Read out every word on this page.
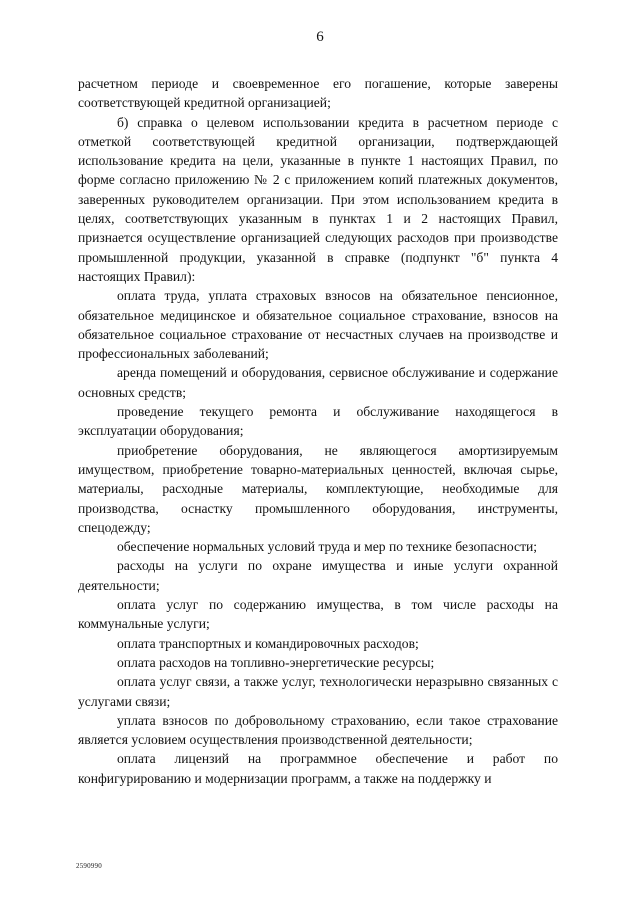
6

расчетном периоде и своевременное его погашение, которые заверены соответствующей кредитной организацией;

б) справка о целевом использовании кредита в расчетном периоде с отметкой соответствующей кредитной организации, подтверждающей использование кредита на цели, указанные в пункте 1 настоящих Правил, по форме согласно приложению № 2 с приложением копий платежных документов, заверенных руководителем организации. При этом использованием кредита в целях, соответствующих указанным в пунктах 1 и 2 настоящих Правил, признается осуществление организацией следующих расходов при производстве промышленной продукции, указанной в справке (подпункт "б" пункта 4 настоящих Правил):

оплата труда, уплата страховых взносов на обязательное пенсионное, обязательное медицинское и обязательное социальное страхование, взносов на обязательное социальное страхование от несчастных случаев на производстве и профессиональных заболеваний;

аренда помещений и оборудования, сервисное обслуживание и содержание основных средств;

проведение текущего ремонта и обслуживание находящегося в эксплуатации оборудования;

приобретение оборудования, не являющегося амортизируемым имуществом, приобретение товарно-материальных ценностей, включая сырье, материалы, расходные материалы, комплектующие, необходимые для производства, оснастку промышленного оборудования, инструменты, спецодежду;

обеспечение нормальных условий труда и мер по технике безопасности;

расходы на услуги по охране имущества и иные услуги охранной деятельности;

оплата услуг по содержанию имущества, в том числе расходы на коммунальные услуги;

оплата транспортных и командировочных расходов;

оплата расходов на топливно-энергетические ресурсы;

оплата услуг связи, а также услуг, технологически неразрывно связанных с услугами связи;

уплата взносов по добровольному страхованию, если такое страхование является условием осуществления производственной деятельности;

оплата лицензий на программное обеспечение и работ по конфигурированию и модернизации программ, а также на поддержку и

2590990
